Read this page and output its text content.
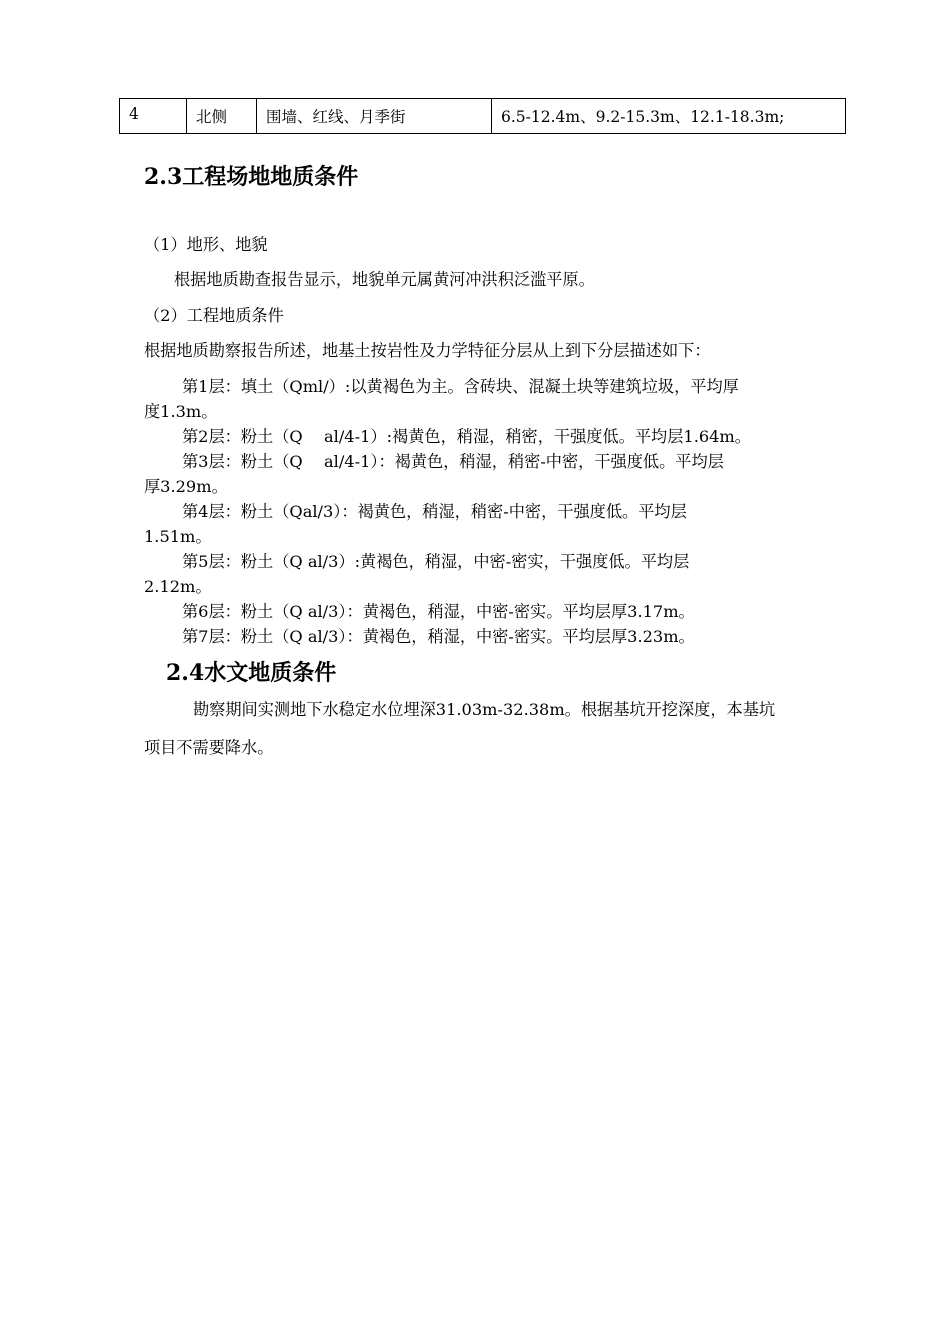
4	北侧	围墙、红线、月季街	6.5-12.4m、9.2-15.3m、12.1-18.3m;
2.3工程场地地质条件
（1）地形、地貌
根据地质勘查报告显示，地貌单元属黄河冲洪积泛滥平原。
（2）工程地质条件
根据地质勘察报告所述，地基土按岩性及力学特征分层从上到下分层描述如下：
第1层：填土（Qml/）:以黄褐色为主。含砖块、混凝土块等建筑垃圾，平均厚
度1.3m。
第2层：粉土（Q　 al/4-1）:褐黄色，稍湿，稍密，干强度低。平均层1.64m。
第3层：粉土（Q　 al/4-1）：褐黄色，稍湿，稍密-中密，干强度低。平均层
厚3.29m。
第4层：粉土（Qal/3）：褐黄色，稍湿，稍密-中密，干强度低。平均层
1.51m。
第5层：粉土（Q al/3）:黄褐色，稍湿，中密-密实，干强度低。平均层
2.12m。
第6层：粉土（Q al/3）：黄褐色，稍湿，中密-密实。平均层厚3.17m。
第7层：粉土（Q al/3）：黄褐色，稍湿，中密-密实。平均层厚3.23m。
2.4水文地质条件
勘察期间实测地下水稳定水位埋深31.03m-32.38m。根据基坑开挖深度，本基坑
项目不需要降水。
